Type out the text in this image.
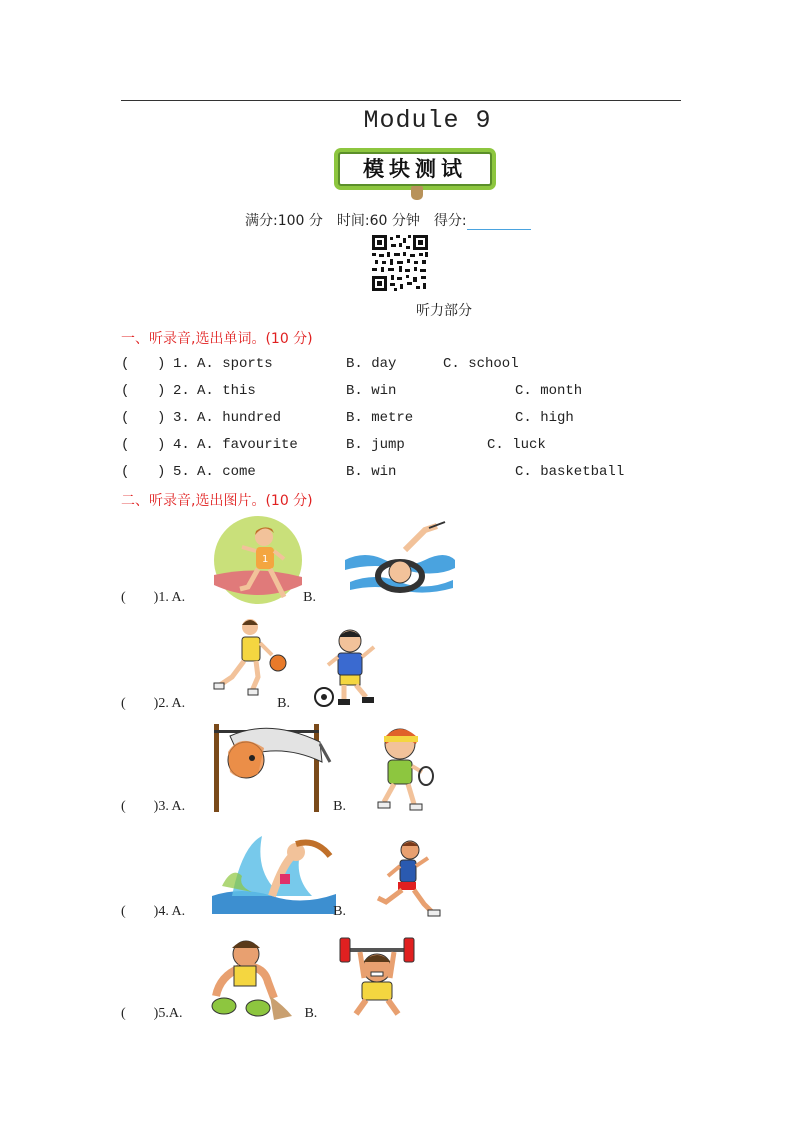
Module 9
模块测试
满分:100 分 时间:60 分钟 得分:
听力部分
一、听录音,选出单词。(10 分)
( ) 1. A. sports	B. day	C. school
( ) 2. A. this	B. win	C. month
( ) 3. A. hundred	B. metre	C. high
( ) 4. A. favourite	B. jump	C. luck
( ) 5. A. come	B. win	C. basketball
二、听录音,选出图片。(10 分)
1
( )1. A.	B.
( )2. A.	B.
( )3. A.	B.
( )4. A.	B.
( )5.A.	B.
